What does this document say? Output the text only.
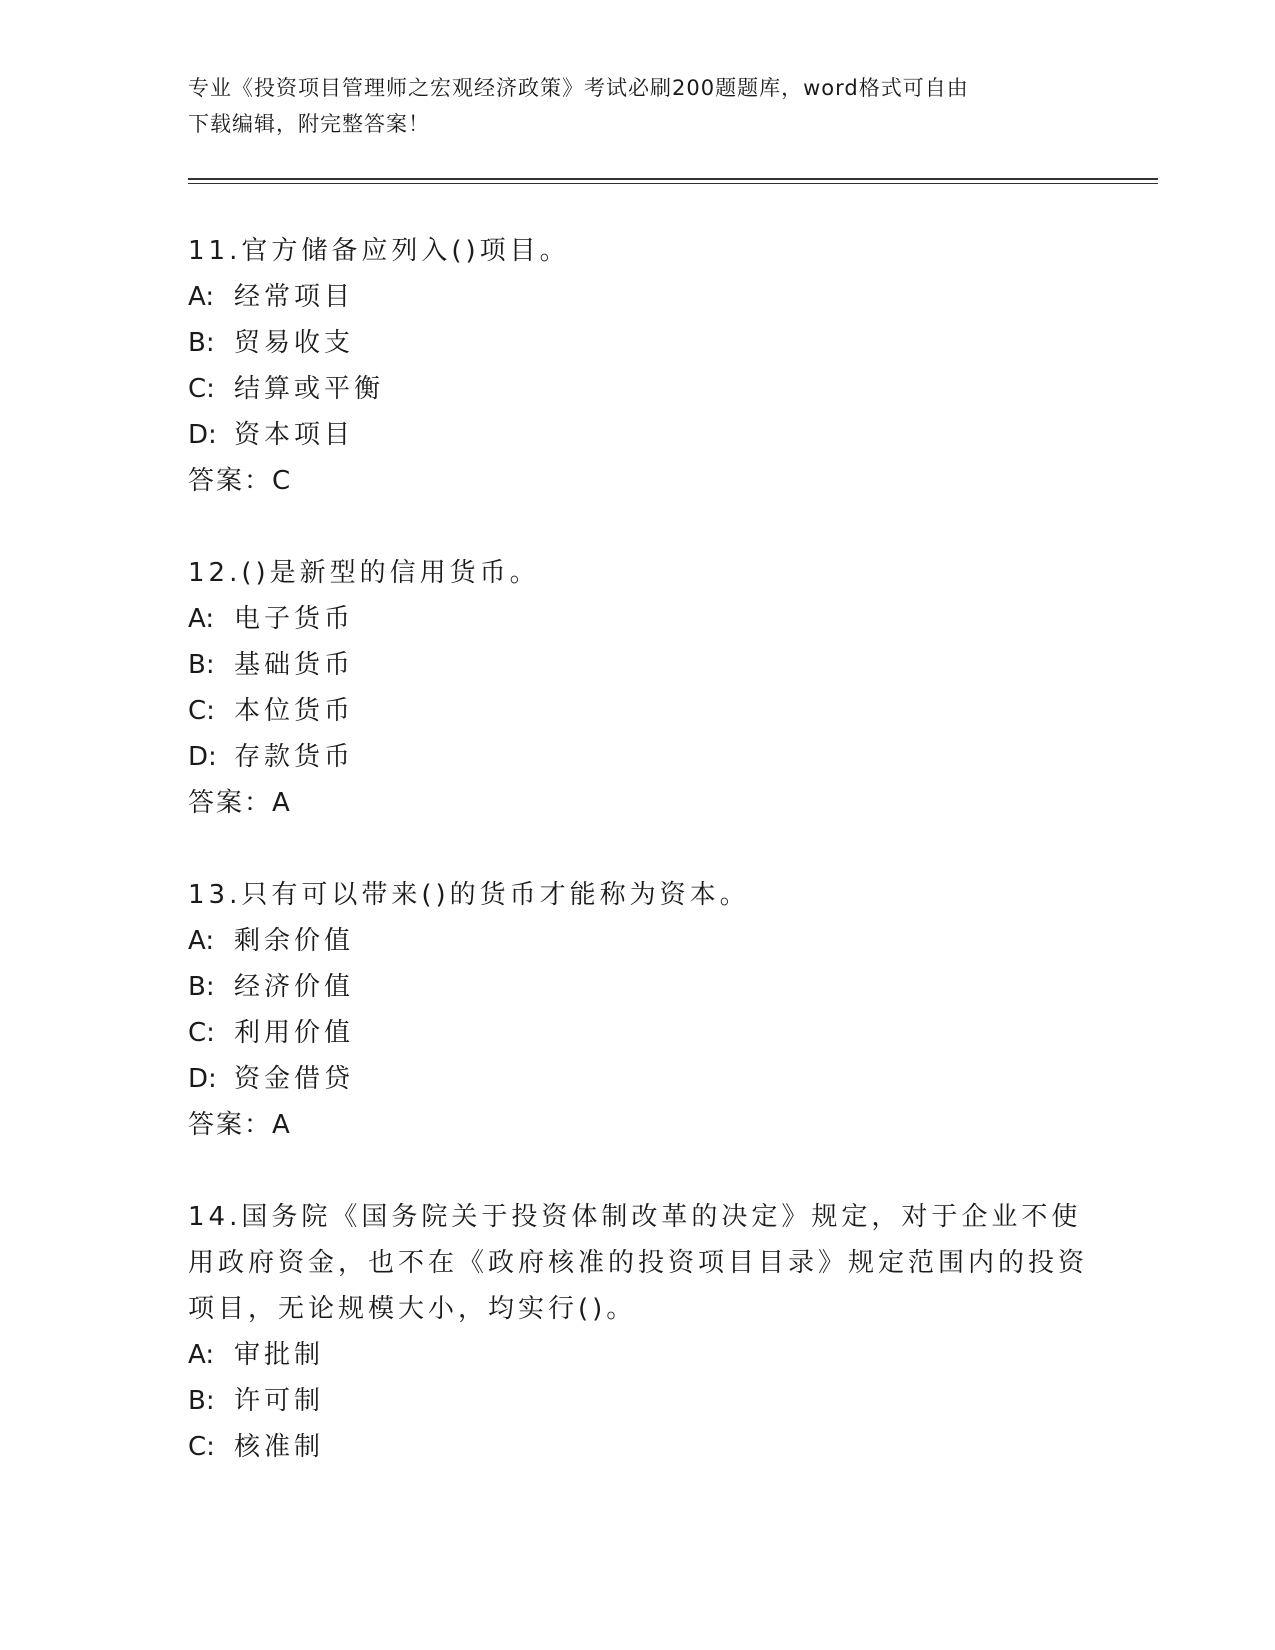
专业《投资项目管理师之宏观经济政策》考试必刷200题题库，word格式可自由
下载编辑，附完整答案！
11.官方储备应列入()项目。
A: 经常项目
B: 贸易收支
C: 结算或平衡
D: 资本项目
答案：C
12.()是新型的信用货币。
A: 电子货币
B: 基础货币
C: 本位货币
D: 存款货币
答案：A
13.只有可以带来()的货币才能称为资本。
A: 剩余价值
B: 经济价值
C: 利用价值
D: 资金借贷
答案：A
14.国务院《国务院关于投资体制改革的决定》规定，对于企业不使用政府资金，也不在《政府核准的投资项目目录》规定范围内的投资项目，无论规模大小，均实行()。
A: 审批制
B: 许可制
C: 核准制
